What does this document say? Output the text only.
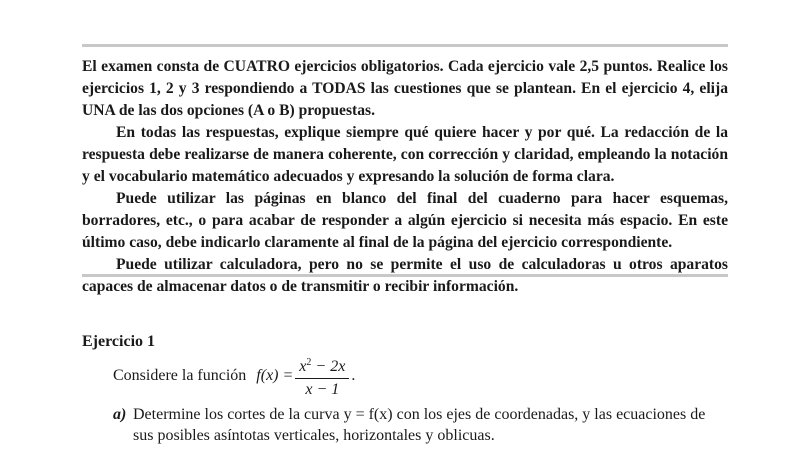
El examen consta de CUATRO ejercicios obligatorios. Cada ejercicio vale 2,5 puntos. Realice los ejercicios 1, 2 y 3 respondiendo a TODAS las cuestiones que se plantean. En el ejercicio 4, elija UNA de las dos opciones (A o B) propuestas.

En todas las respuestas, explique siempre qué quiere hacer y por qué. La redacción de la respuesta debe realizarse de manera coherente, con corrección y claridad, empleando la notación y el vocabulario matemático adecuados y expresando la solución de forma clara.

Puede utilizar las páginas en blanco del final del cuaderno para hacer esquemas, borradores, etc., o para acabar de responder a algún ejercicio si necesita más espacio. En este último caso, debe indicarlo claramente al final de la página del ejercicio correspondiente.

Puede utilizar calculadora, pero no se permite el uso de calculadoras u otros aparatos capaces de almacenar datos o de transmitir o recibir información.

Ejercicio 1
Considere la función $f(x) = \frac{x^2 - 2x}{x - 1}$ .
a) Determine los cortes de la curva y = f(x) con los ejes de coordenadas, y las ecuaciones de sus posibles asíntotas verticales, horizontales y oblicuas.
